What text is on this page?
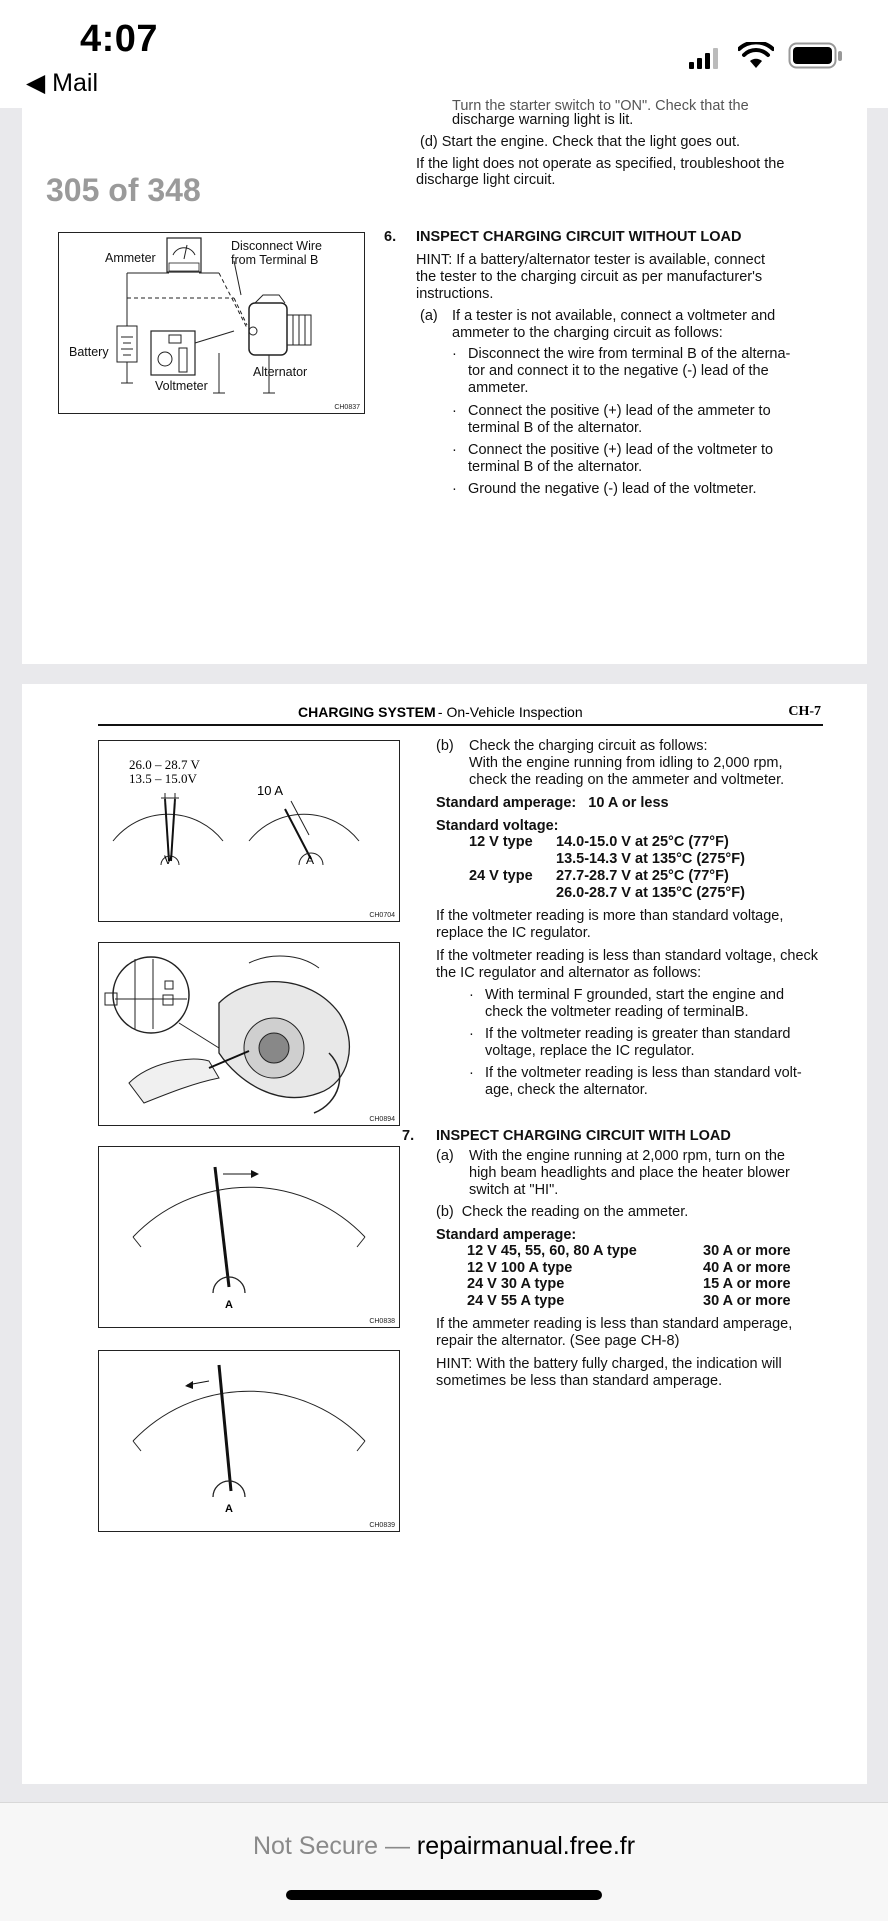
4:07
◀ Mail

Turn the starter switch to "ON". Check that the

discharge warning light is lit.

(d) Start the engine. Check that the light goes out.

If the light does not operate as specified, troubleshoot the

discharge light circuit.

6. INSPECT CHARGING CIRCUIT WITHOUT LOAD

HINT: If a battery/alternator tester is available, connect

the tester to the charging circuit as per manufacturer's

instructions.

(a) If a tester is not available, connect a voltmeter and

ammeter to the charging circuit as follows:

· Disconnect the wire from terminal B of the alterna-

tor and connect it to the negative (-) lead of the

ammeter.

· Connect the positive (+) lead of the ammeter to

terminal B of the alternator.

· Connect the positive (+) lead of the voltmeter to

terminal B of the alternator.

· Ground the negative (-) lead of the voltmeter.

Ammeter
Disconnect Wire
from Terminal B
Battery
Alternator
Voltmeter
CH0837
305 of 348
CHARGING SYSTEM
- On-Vehicle Inspection	CH-7

(b) Check the charging circuit as follows:

With the engine running from idling to 2,000 rpm,

check the reading on the ammeter and voltmeter.

Standard amperage:   10 A or less

Standard voltage:

12 V type 14.0-15.0 V at 25°C (77°F)

13.5-14.3 V at 135°C (275°F)

24 V type 27.7-28.7 V at 25°C (77°F)

26.0-28.7 V at 135°C (275°F)

If the voltmeter reading is more than standard voltage,

replace the IC regulator.

If the voltmeter reading is less than standard voltage, check

the IC regulator and alternator as follows:

· With terminal F grounded, start the engine and

check the voltmeter reading of terminalB.

· If the voltmeter reading is greater than standard

voltage, replace the IC regulator.

· If the voltmeter reading is less than standard volt-

age, check the alternator.

7. INSPECT CHARGING CIRCUIT WITH LOAD

(a) With the engine running at 2,000 rpm, turn on the

high beam headlights and place the heater blower

switch at "HI".

(b)  Check the reading on the ammeter.

Standard amperage:

12 V 45, 55, 60, 80 A type	30 A or more
12 V 100 A type	40 A or more
24 V 30 A type	15 A or more
24 V 55 A type	30 A or more

If the ammeter reading is less than standard amperage,

repair the alternator. (See page CH-8)

HINT: With the battery fully charged, the indication will

sometimes be less than standard amperage.

26.0 – 28.7 V
13.5 – 15.0V
10 A
V	A
CH0704
CH0894
A
CH0838
A
CH0839
Not Secure — repairmanual.free.fr
